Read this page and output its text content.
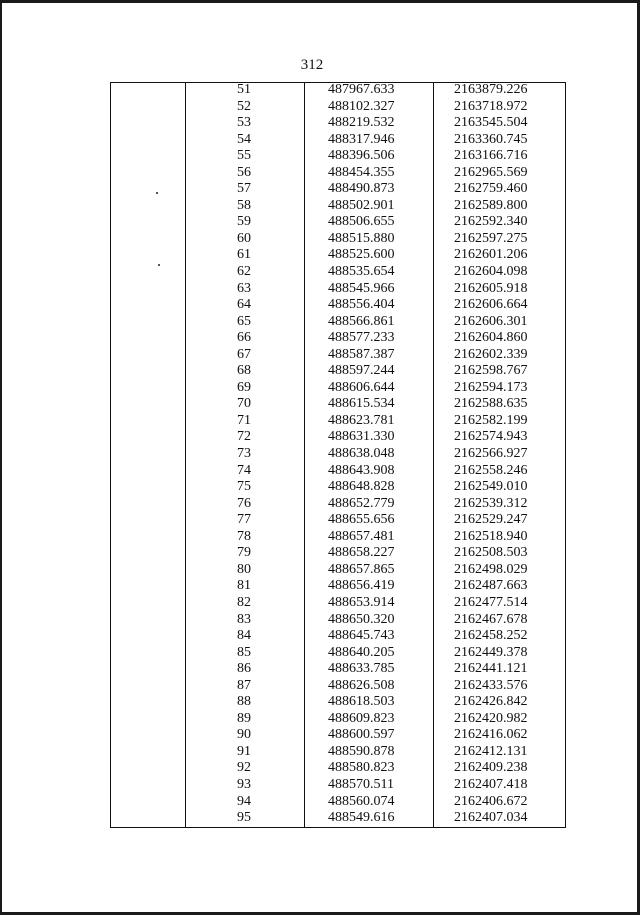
312
51	487967.633	2163879.226
52	488102.327	2163718.972
53	488219.532	2163545.504
54	488317.946	2163360.745
55	488396.506	2163166.716
56	488454.355	2162965.569
57	488490.873	2162759.460
58	488502.901	2162589.800
59	488506.655	2162592.340
60	488515.880	2162597.275
61	488525.600	2162601.206
62	488535.654	2162604.098
63	488545.966	2162605.918
64	488556.404	2162606.664
65	488566.861	2162606.301
66	488577.233	2162604.860
67	488587.387	2162602.339
68	488597.244	2162598.767
69	488606.644	2162594.173
70	488615.534	2162588.635
71	488623.781	2162582.199
72	488631.330	2162574.943
73	488638.048	2162566.927
74	488643.908	2162558.246
75	488648.828	2162549.010
76	488652.779	2162539.312
77	488655.656	2162529.247
78	488657.481	2162518.940
79	488658.227	2162508.503
80	488657.865	2162498.029
81	488656.419	2162487.663
82	488653.914	2162477.514
83	488650.320	2162467.678
84	488645.743	2162458.252
85	488640.205	2162449.378
86	488633.785	2162441.121
87	488626.508	2162433.576
88	488618.503	2162426.842
89	488609.823	2162420.982
90	488600.597	2162416.062
91	488590.878	2162412.131
92	488580.823	2162409.238
93	488570.511	2162407.418
94	488560.074	2162406.672
95	488549.616	2162407.034
